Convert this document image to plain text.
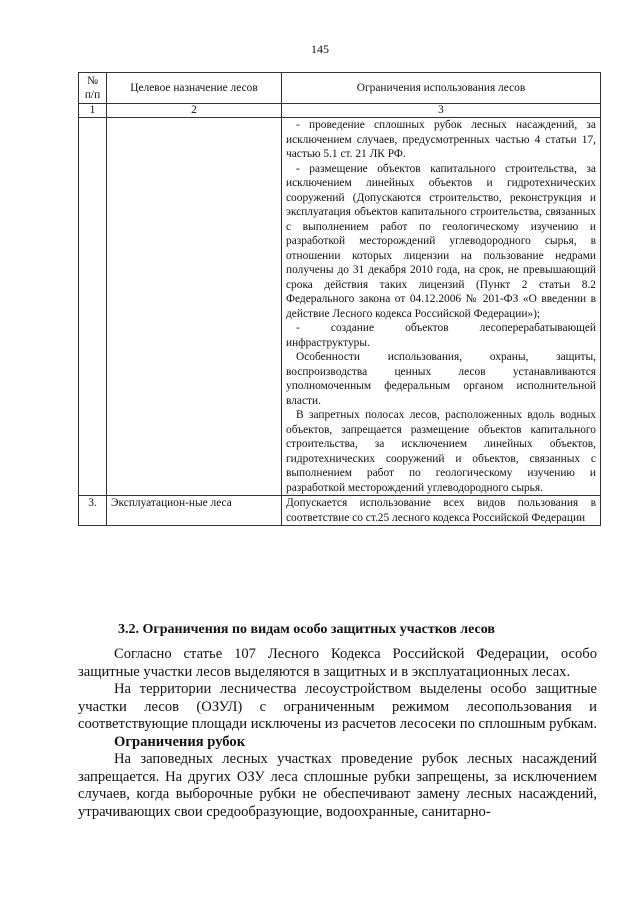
145
№ п/п	Целевое назначение лесов	Ограничения использования лесов
1	2	3

		- проведение сплошных рубок лесных насаждений, за исключением случаев, предусмотренных частью 4 статьи 17, частью 5.1 ст. 21 ЛК РФ.

- размещение объектов капитального строительства, за исключением линейных объектов и гидротехнических сооружений (Допускаются строительство, реконструкция и эксплуатация объектов капитального строительства, связанных с выполнением работ по геологическому изучению и разработкой месторождений углеводородного сырья, в отношении которых лицензии на пользование недрами получены до 31 декабря 2010 года, на срок, не превышающий срока действия таких лицензий (Пункт 2 статьи 8.2 Федерального закона от 04.12.2006 № 201-ФЗ «О введении в действие Лесного кодекса Российской Федерации»);

- создание объектов лесоперерабатывающей инфраструктуры.

Особенности использования, охраны, защиты, воспроизводства ценных лесов устанавливаются уполномоченным федеральным органом исполнительной власти.

В запретных полосах лесов, расположенных вдоль водных объектов, запрещается размещение объектов капитального строительства, за исключением линейных объектов, гидротехнических сооружений и объектов, связанных с выполнением работ по геологическому изучению и разработкой месторождений углеводородного сырья.

3.	Эксплуатацион-ные леса	Допускается использование всех видов пользования в соответствие со ст.25 лесного кодекса Российской Федерации

3.2. Ограничения по видам особо защитных участков лесов

Согласно статье 107 Лесного Кодекса Российской Федерации, особо защитные участки лесов выделяются в защитных и в эксплуатационных лесах.

На территории лесничества лесоустройством выделены особо защитные участки лесов (ОЗУЛ) с ограниченным режимом лесопользования и соответствующие площади исключены из расчетов лесосеки по сплошным рубкам.

Ограничения рубок

На заповедных лесных участках проведение рубок лесных насаждений запрещается. На других ОЗУ леса сплошные рубки запрещены, за исключением случаев, когда выборочные рубки не обеспечивают замену лесных насаждений, утрачивающих свои средообразующие, водоохранные, санитарно-
